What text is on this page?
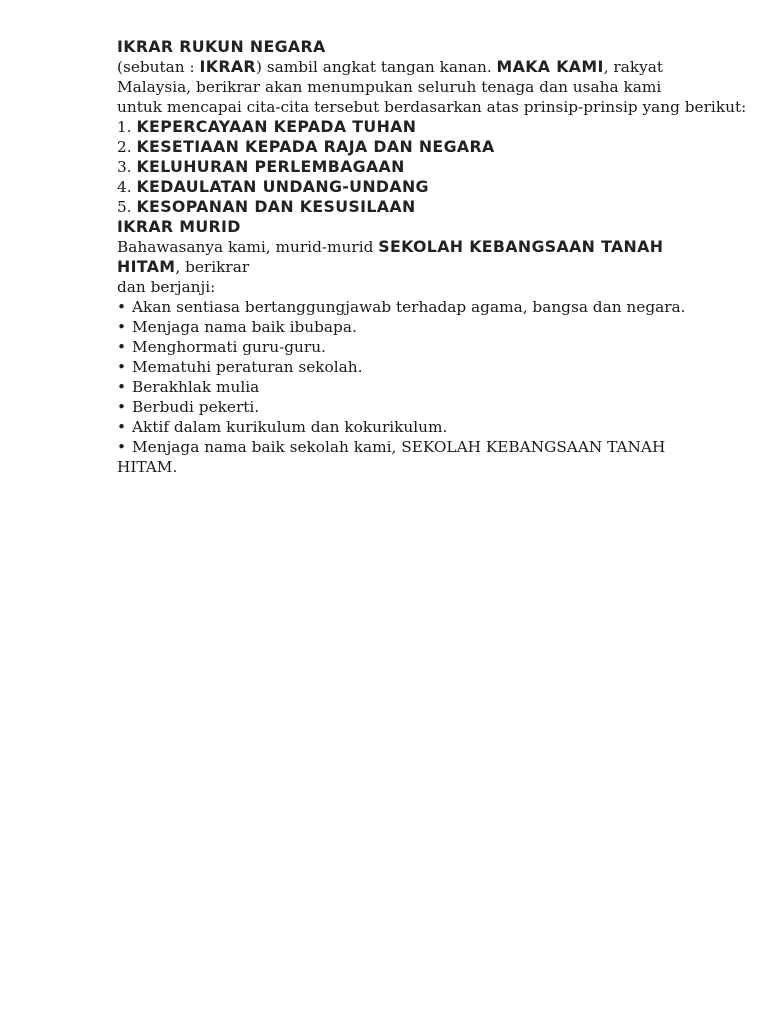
IKRAR RUKUN NEGARA
(sebutan : IKRAR) sambil angkat tangan kanan. MAKA KAMI, rakyat
Malaysia, berikrar akan menumpukan seluruh tenaga dan usaha kami
untuk mencapai cita-cita tersebut berdasarkan atas prinsip-prinsip yang berikut:
1. KEPERCAYAAN KEPADA TUHAN
2. KESETIAAN KEPADA RAJA DAN NEGARA
3. KELUHURAN PERLEMBAGAAN
4. KEDAULATAN UNDANG-UNDANG
5. KESOPANAN DAN KESUSILAAN
IKRAR MURID
Bahawasanya kami, murid-murid SEKOLAH KEBANGSAAN TANAH
HITAM, berikrar
dan berjanji:
• Akan sentiasa bertanggungjawab terhadap agama, bangsa dan negara.
• Menjaga nama baik ibubapa.
• Menghormati guru-guru.
• Mematuhi peraturan sekolah.
• Berakhlak mulia
• Berbudi pekerti.
• Aktif dalam kurikulum dan kokurikulum.
• Menjaga nama baik sekolah kami, SEKOLAH KEBANGSAAN TANAH HITAM.
